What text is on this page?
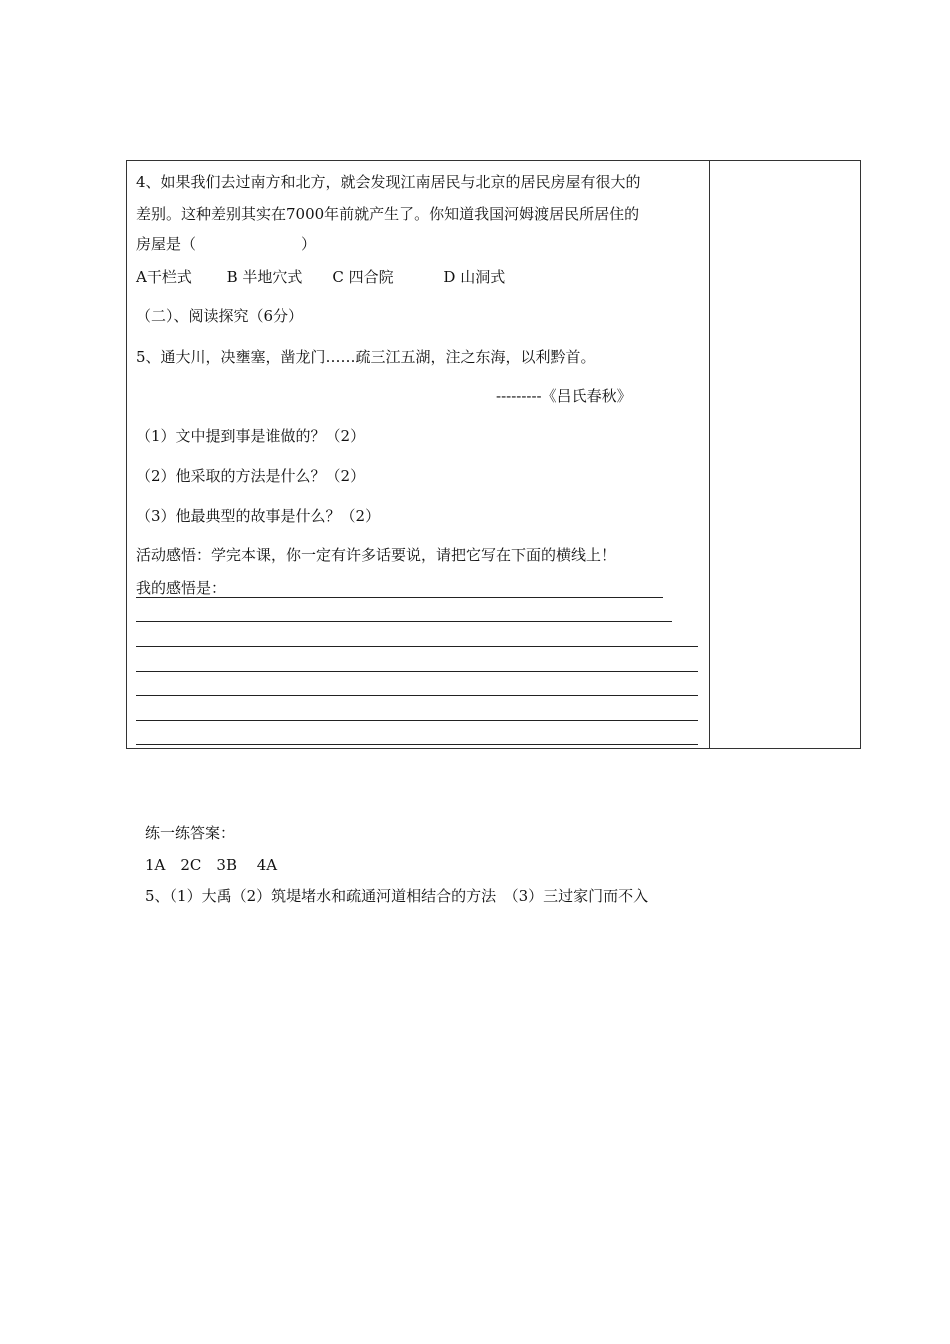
4、如果我们去过南方和北方，就会发现江南居民与北京的居民房屋有很大的
差别。这种差别其实在7000年前就产生了。你知道我国河姆渡居民所居住的
房屋是（　　　　　　　）
A干栏式　　 B 半地穴式　　C 四合院　　　 D 山洞式
（二）、阅读探究（6分）
5、通大川，决壅塞，凿龙门……疏三江五湖，注之东海，以利黔首。
---------《吕氏春秋》
（1）文中提到事是谁做的？（2）
（2）他采取的方法是什么？（2）
（3）他最典型的故事是什么？（2）
活动感悟：学完本课，你一定有许多话要说，请把它写在下面的横线上！
我的感悟是：
练一练答案：
1A　2C　3B　 4A
5、（1）大禹（2）筑堤堵水和疏通河道相结合的方法　（3）三过家门而不入
